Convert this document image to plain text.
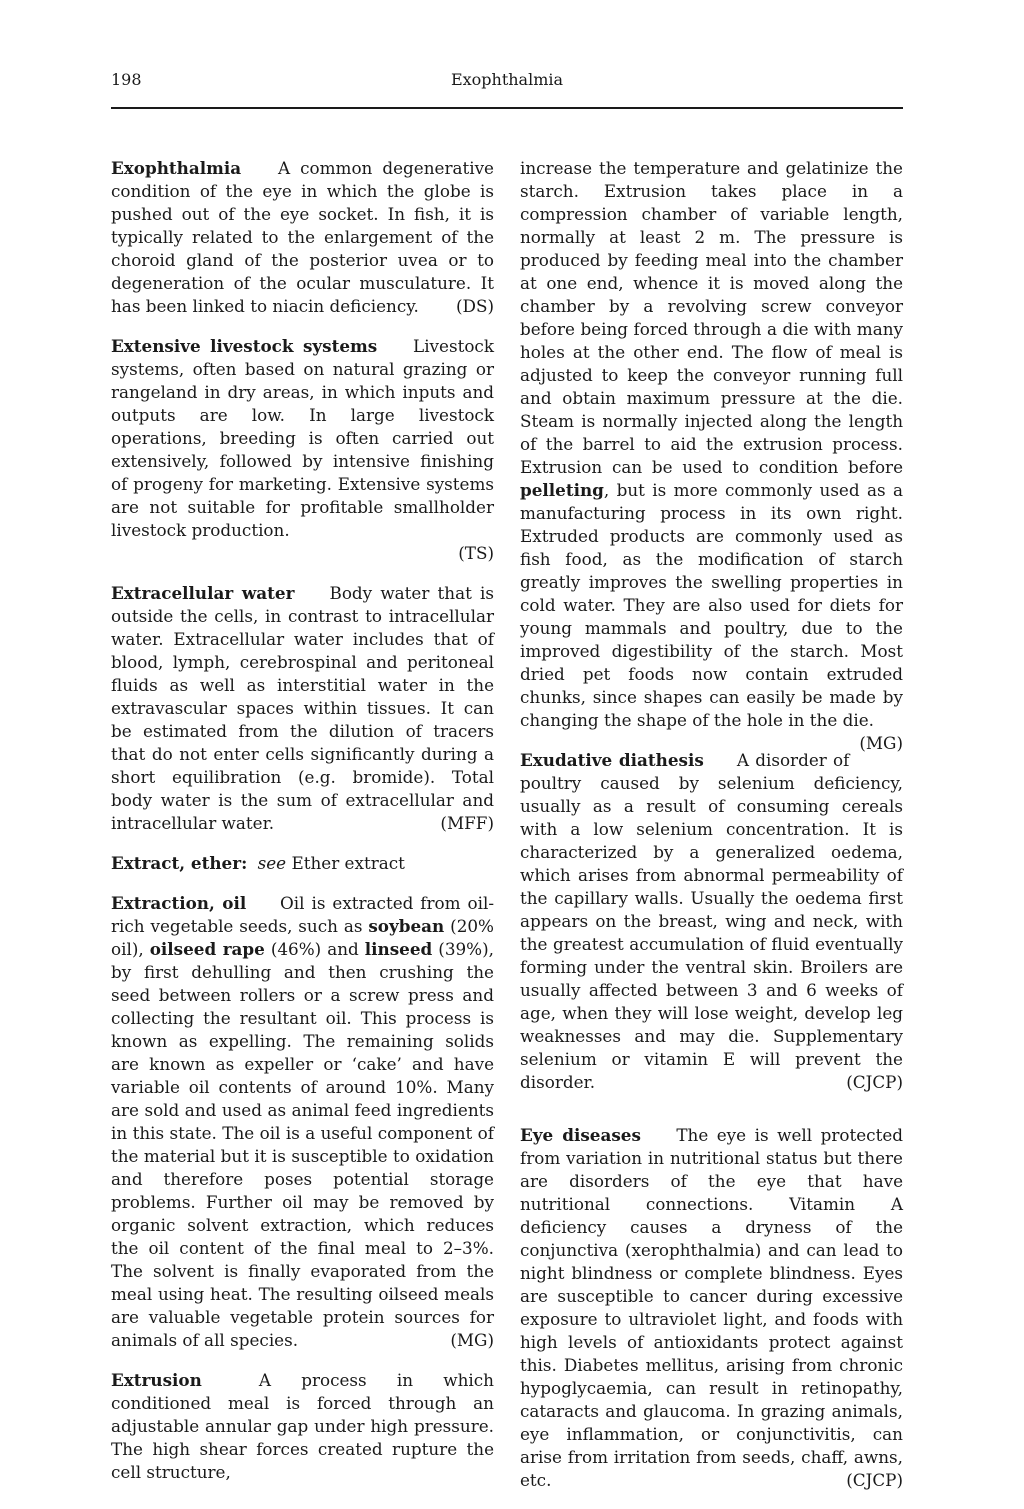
198	Exophthalmia

Exophthalmia A common degenerative condition of the eye in which the globe is pushed out of the eye socket. In fish, it is typically related to the enlargement of the choroid gland of the posterior uvea or to degeneration of the ocular musculature. It has been linked to niacin deficiency. (DS)

Extensive livestock systems Livestock systems, often based on natural grazing or rangeland in dry areas, in which inputs and outputs are low. In large livestock operations, breeding is often carried out extensively, followed by intensive finishing of progeny for marketing. Extensive systems are not suitable for profitable smallholder livestock production.
(TS)

Extracellular water Body water that is outside the cells, in contrast to intracellular water. Extracellular water includes that of blood, lymph, cerebrospinal and peritoneal fluids as well as interstitial water in the extravascular spaces within tissues. It can be estimated from the dilution of tracers that do not enter cells significantly during a short equilibration (e.g. bromide). Total body water is the sum of extracellular and intracellular water.	(MFF)

Extract, ether: see Ether extract

Extraction, oil Oil is extracted from oil-rich vegetable seeds, such as soybean (20% oil), oilseed rape (46%) and linseed (39%), by first dehulling and then crushing the seed between rollers or a screw press and collecting the resultant oil. This process is known as expelling. The remaining solids are known as expeller or ‘cake’ and have variable oil contents of around 10%. Many are sold and used as animal feed ingredients in this state. The oil is a useful component of the material but it is susceptible to oxidation and therefore poses potential storage problems. Further oil may be removed by organic solvent extraction, which reduces the oil content of the final meal to 2–3%. The solvent is finally evaporated from the meal using heat. The resulting oilseed meals are valuable vegetable protein sources for animals of all species.	(MG)

Extrusion	A process in which conditioned meal is forced through an adjustable annular gap under high pressure. The high shear forces created rupture the cell structure,

increase the temperature and gelatinize the starch. Extrusion takes place in a compression chamber of variable length, normally at least 2 m. The pressure is produced by feeding meal into the chamber at one end, whence it is moved along the chamber by a revolving screw conveyor before being forced through a die with many holes at the other end. The flow of meal is adjusted to keep the conveyor running full and obtain maximum pressure at the die. Steam is normally injected along the length of the barrel to aid the extrusion process. Extrusion can be used to condition before pelleting, but is more commonly used as a manufacturing process in its own right. Extruded products are commonly used as fish food, as the modification of starch greatly improves the swelling properties in cold water. They are also used for diets for young mammals and poultry, due to the improved digestibility of the starch. Most dried pet foods now contain extruded chunks, since shapes can easily be made by changing the shape of the hole in the die.
(MG)

Exudative diathesis A disorder of poultry caused by selenium deficiency, usually as a result of consuming cereals with a low selenium concentration. It is characterized by a generalized oedema, which arises from abnormal permeability of the capillary walls. Usually the oedema first appears on the breast, wing and neck, with the greatest accumulation of fluid eventually forming under the ventral skin. Broilers are usually affected between 3 and 6 weeks of age, when they will lose weight, develop leg weaknesses and may die. Supplementary selenium or vitamin E will prevent the disorder.	(CJCP)

Eye diseases The eye is well protected from variation in nutritional status but there are disorders of the eye that have nutritional connections. Vitamin A deficiency causes a dryness of the conjunctiva (xerophthalmia) and can lead to night blindness or complete blindness. Eyes are susceptible to cancer during excessive exposure to ultraviolet light, and foods with high levels of antioxidants protect against this. Diabetes mellitus, arising from chronic hypoglycaemia, can result in retinopathy, cataracts and glaucoma. In grazing animals, eye inflammation, or conjunctivitis, can arise from irritation from seeds, chaff, awns, etc.	(CJCP)
